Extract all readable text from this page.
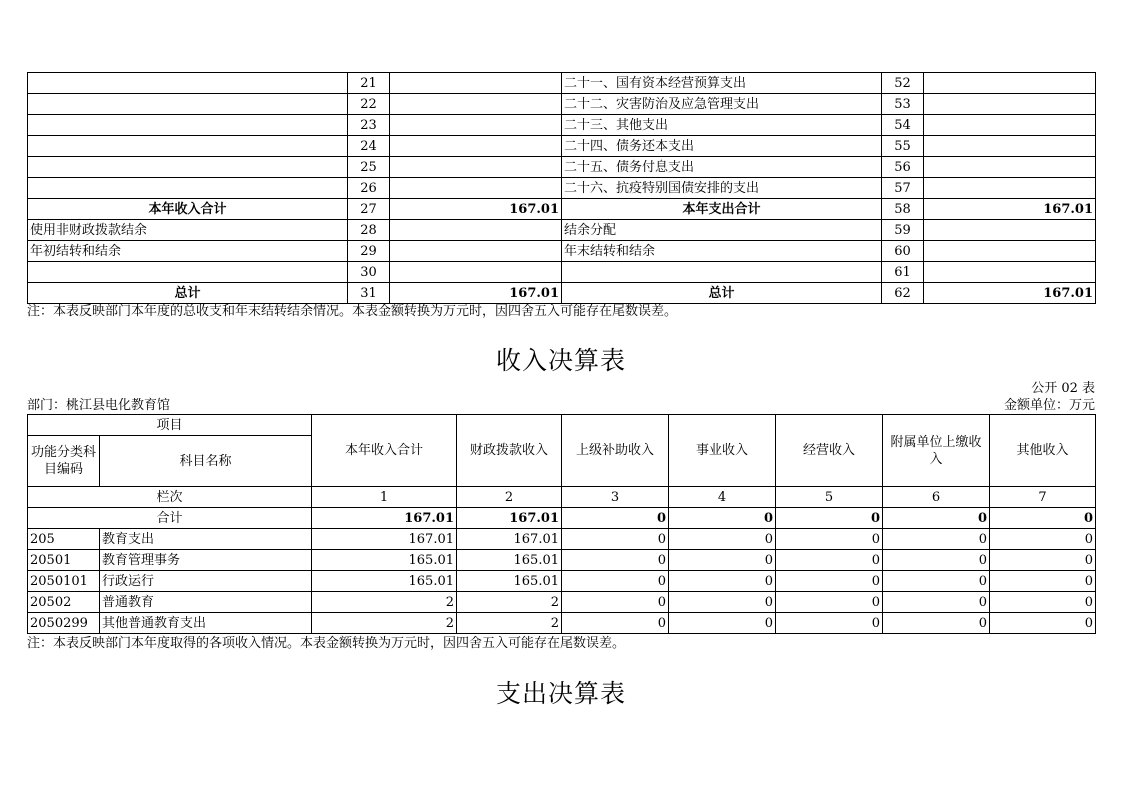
	21		二十一、国有资本经营预算支出	52	
	22		二十二、灾害防治及应急管理支出	53	
	23		二十三、其他支出	54	
	24		二十四、债务还本支出	55	
	25		二十五、债务付息支出	56	
	26		二十六、抗疫特别国债安排的支出	57	
本年收入合计	27	167.01	本年支出合计	58	167.01
使用非财政拨款结余	28		结余分配	59	
年初结转和结余	29		年末结转和结余	60	
	30			61	
总计	31	167.01	总计	62	167.01
注：本表反映部门本年度的总收支和年末结转结余情况。本表金额转换为万元时，因四舍五入可能存在尾数误差。
收入决算表
公开 02 表
部门：桃江县电化教育馆	金额单位：万元
项目		本年收入合计	财政拨款收入	上级补助收入	事业收入	经营收入	附属单位上缴收入	其他收入
功能分类科目编码	科目名称							
栏次		1	2	3	4	5	6	7
合计		167.01	167.01	0	0	0	0	0
205	教育支出	167.01	167.01	0	0	0	0	0
20501	教育管理事务	165.01	165.01	0	0	0	0	0
2050101	行政运行	165.01	165.01	0	0	0	0	0
20502	普通教育	2	2	0	0	0	0	0
2050299	其他普通教育支出	2	2	0	0	0	0	0
注：本表反映部门本年度取得的各项收入情况。本表金额转换为万元时，因四舍五入可能存在尾数误差。
支出决算表
